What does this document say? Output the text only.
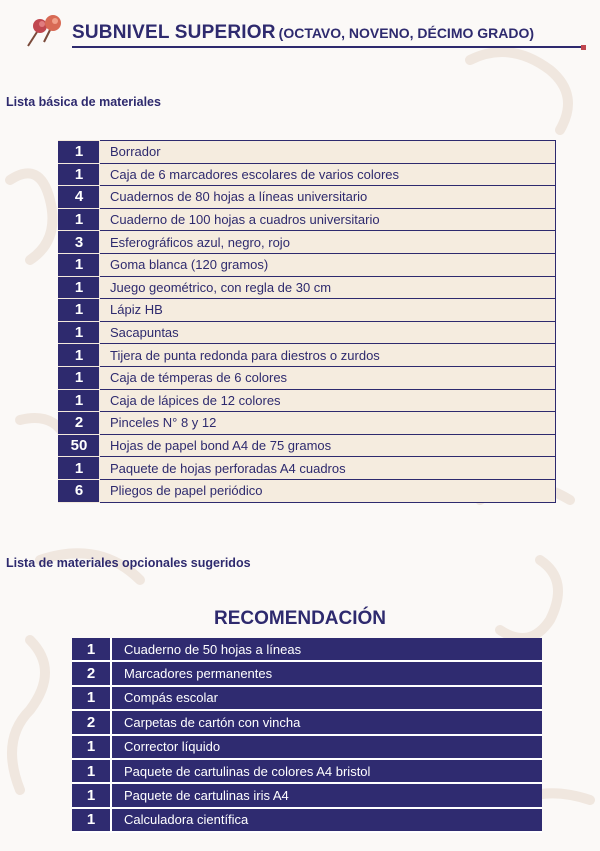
SUBNIVEL SUPERIOR (OCTAVO, NOVENO, DÉCIMO GRADO)
Lista básica de materiales
1	Borrador
1	Caja de 6 marcadores escolares de varios colores
4	Cuadernos de 80 hojas a líneas universitario
1	Cuaderno de 100 hojas a cuadros universitario
3	Esferográficos azul, negro, rojo
1	Goma blanca (120 gramos)
1	Juego geométrico, con regla de 30 cm
1	Lápiz HB
1	Sacapuntas
1	Tijera de punta redonda para diestros o zurdos
1	Caja de témperas de 6 colores
1	Caja de lápices de 12 colores
2	Pinceles N° 8 y 12
50	Hojas de papel bond A4 de 75 gramos
1	Paquete de hojas perforadas A4 cuadros
6	Pliegos de papel periódico
Lista de materiales opcionales sugeridos
RECOMENDACIÓN
1	Cuaderno de 50 hojas a líneas
2	Marcadores permanentes
1	Compás escolar
2	Carpetas de cartón con vincha
1	Corrector líquido
1	Paquete de cartulinas de colores A4 bristol
1	Paquete de cartulinas iris A4
1	Calculadora científica
